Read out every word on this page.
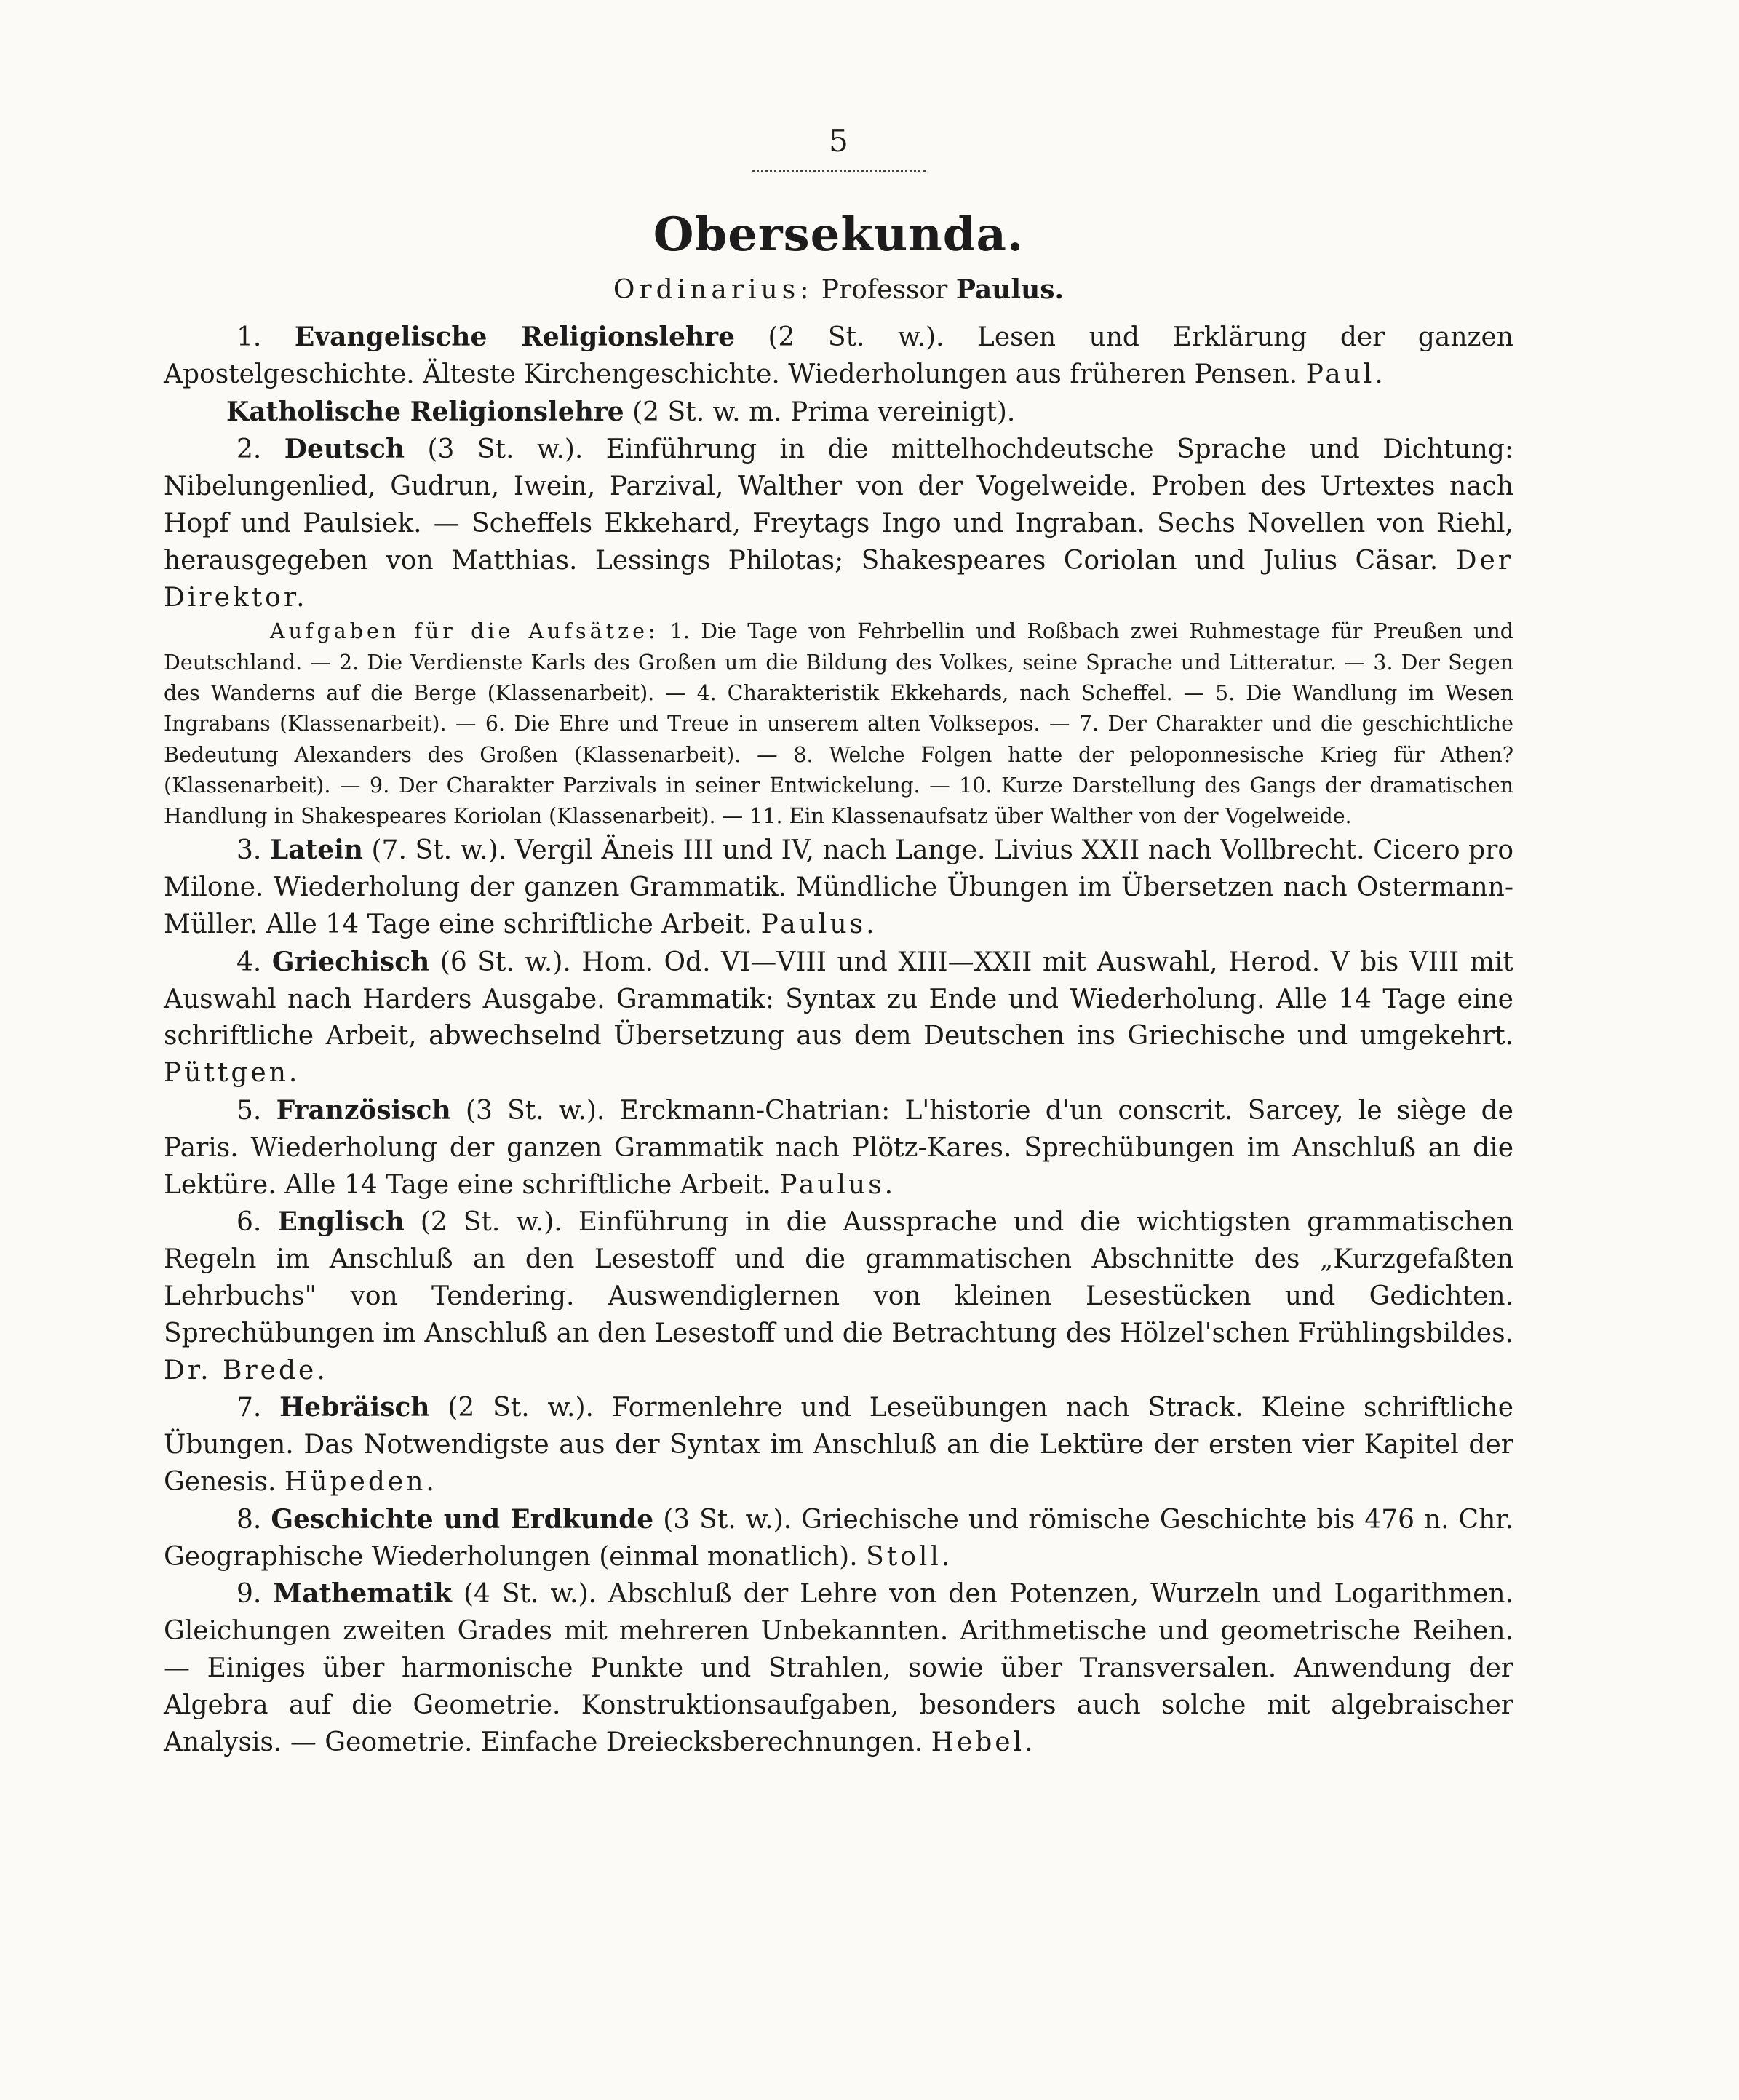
5
Obersekunda.
Ordinarius: Professor Paulus.

1. Evangelische Religionslehre (2 St. w.). Lesen und Erklärung der ganzen Apostelgeschichte. Älteste Kirchengeschichte. Wiederholungen aus früheren Pensen. Paul.

Katholische Religionslehre (2 St. w. m. Prima vereinigt).

2. Deutsch (3 St. w.). Einführung in die mittelhochdeutsche Sprache und Dichtung: Nibelungenlied, Gudrun, Iwein, Parzival, Walther von der Vogelweide. Proben des Urtextes nach Hopf und Paulsiek. — Scheffels Ekkehard, Freytags Ingo und Ingraban. Sechs Novellen von Riehl, herausgegeben von Matthias. Lessings Philotas; Shakespeares Coriolan und Julius Cäsar. Der Direktor.

Aufgaben für die Aufsätze: 1. Die Tage von Fehrbellin und Roßbach zwei Ruhmestage für Preußen und Deutschland. — 2. Die Verdienste Karls des Großen um die Bildung des Volkes, seine Sprache und Litteratur. — 3. Der Segen des Wanderns auf die Berge (Klassenarbeit). — 4. Charakteristik Ekkehards, nach Scheffel. — 5. Die Wandlung im Wesen Ingrabans (Klassenarbeit). — 6. Die Ehre und Treue in unserem alten Volksepos. — 7. Der Charakter und die geschichtliche Bedeutung Alexanders des Großen (Klassenarbeit). — 8. Welche Folgen hatte der peloponnesische Krieg für Athen? (Klassenarbeit). — 9. Der Charakter Parzivals in seiner Entwickelung. — 10. Kurze Darstellung des Gangs der dramatischen Handlung in Shakespeares Koriolan (Klassenarbeit). — 11. Ein Klassenaufsatz über Walther von der Vogelweide.

3. Latein (7. St. w.). Vergil Äneis III und IV, nach Lange. Livius XXII nach Vollbrecht. Cicero pro Milone. Wiederholung der ganzen Grammatik. Mündliche Übungen im Übersetzen nach Ostermann-Müller. Alle 14 Tage eine schriftliche Arbeit. Paulus.

4. Griechisch (6 St. w.). Hom. Od. VI—VIII und XIII—XXII mit Auswahl, Herod. V bis VIII mit Auswahl nach Harders Ausgabe. Grammatik: Syntax zu Ende und Wiederholung. Alle 14 Tage eine schriftliche Arbeit, abwechselnd Übersetzung aus dem Deutschen ins Griechische und umgekehrt. Püttgen.

5. Französisch (3 St. w.). Erckmann-Chatrian: L'historie d'un conscrit. Sarcey, le siège de Paris. Wiederholung der ganzen Grammatik nach Plötz-Kares. Sprechübungen im Anschluß an die Lektüre. Alle 14 Tage eine schriftliche Arbeit. Paulus.

6. Englisch (2 St. w.). Einführung in die Aussprache und die wichtigsten grammatischen Regeln im Anschluß an den Lesestoff und die grammatischen Abschnitte des „Kurzgefaßten Lehrbuchs" von Tendering. Auswendiglernen von kleinen Lesestücken und Gedichten. Sprechübungen im Anschluß an den Lesestoff und die Betrachtung des Hölzel'schen Frühlingsbildes. Dr. Brede.

7. Hebräisch (2 St. w.). Formenlehre und Leseübungen nach Strack. Kleine schriftliche Übungen. Das Notwendigste aus der Syntax im Anschluß an die Lektüre der ersten vier Kapitel der Genesis. Hüpeden.

8. Geschichte und Erdkunde (3 St. w.). Griechische und römische Geschichte bis 476 n. Chr. Geographische Wiederholungen (einmal monatlich). Stoll.

9. Mathematik (4 St. w.). Abschluß der Lehre von den Potenzen, Wurzeln und Logarithmen. Gleichungen zweiten Grades mit mehreren Unbekannten. Arithmetische und geometrische Reihen. — Einiges über harmonische Punkte und Strahlen, sowie über Transversalen. Anwendung der Algebra auf die Geometrie. Konstruktionsaufgaben, besonders auch solche mit algebraischer Analysis. — Geometrie. Einfache Dreiecksberechnungen. Hebel.
